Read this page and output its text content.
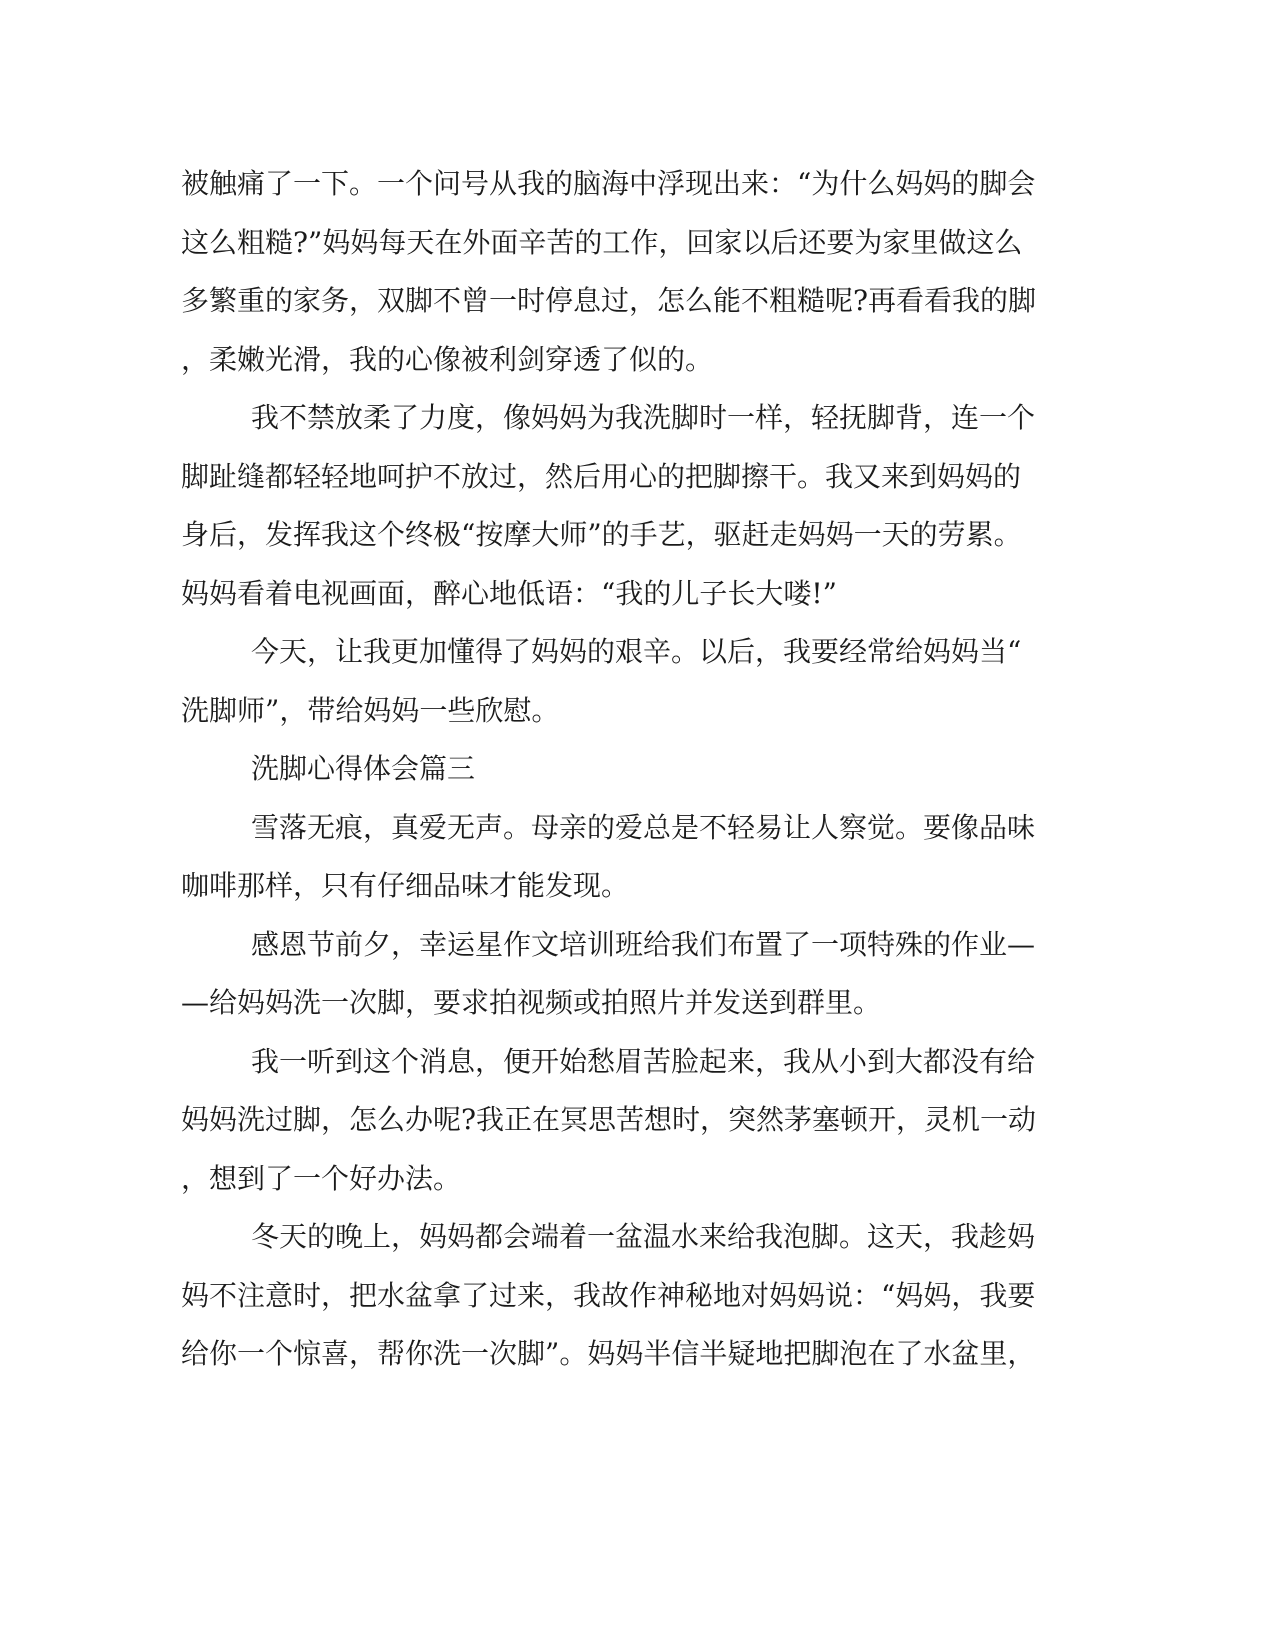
被触痛了一下。一个问号从我的脑海中浮现出来：“为什么妈妈的脚会
这么粗糙?”妈妈每天在外面辛苦的工作，回家以后还要为家里做这么
多繁重的家务，双脚不曾一时停息过，怎么能不粗糙呢?再看看我的脚
，柔嫩光滑，我的心像被利剑穿透了似的。
我不禁放柔了力度，像妈妈为我洗脚时一样，轻抚脚背，连一个
脚趾缝都轻轻地呵护不放过，然后用心的把脚擦干。我又来到妈妈的
身后，发挥我这个终极“按摩大师”的手艺，驱赶走妈妈一天的劳累。
妈妈看着电视画面，醉心地低语：“我的儿子长大喽!”
今天，让我更加懂得了妈妈的艰辛。以后，我要经常给妈妈当“
洗脚师”，带给妈妈一些欣慰。
洗脚心得体会篇三
雪落无痕，真爱无声。母亲的爱总是不轻易让人察觉。要像品味
咖啡那样，只有仔细品味才能发现。
感恩节前夕，幸运星作文培训班给我们布置了一项特殊的作业—
—给妈妈洗一次脚，要求拍视频或拍照片并发送到群里。
我一听到这个消息，便开始愁眉苦脸起来，我从小到大都没有给
妈妈洗过脚，怎么办呢?我正在冥思苦想时，突然茅塞顿开，灵机一动
，想到了一个好办法。
冬天的晚上，妈妈都会端着一盆温水来给我泡脚。这天，我趁妈
妈不注意时，把水盆拿了过来，我故作神秘地对妈妈说：“妈妈，我要
给你一个惊喜，帮你洗一次脚”。妈妈半信半疑地把脚泡在了水盆里，
